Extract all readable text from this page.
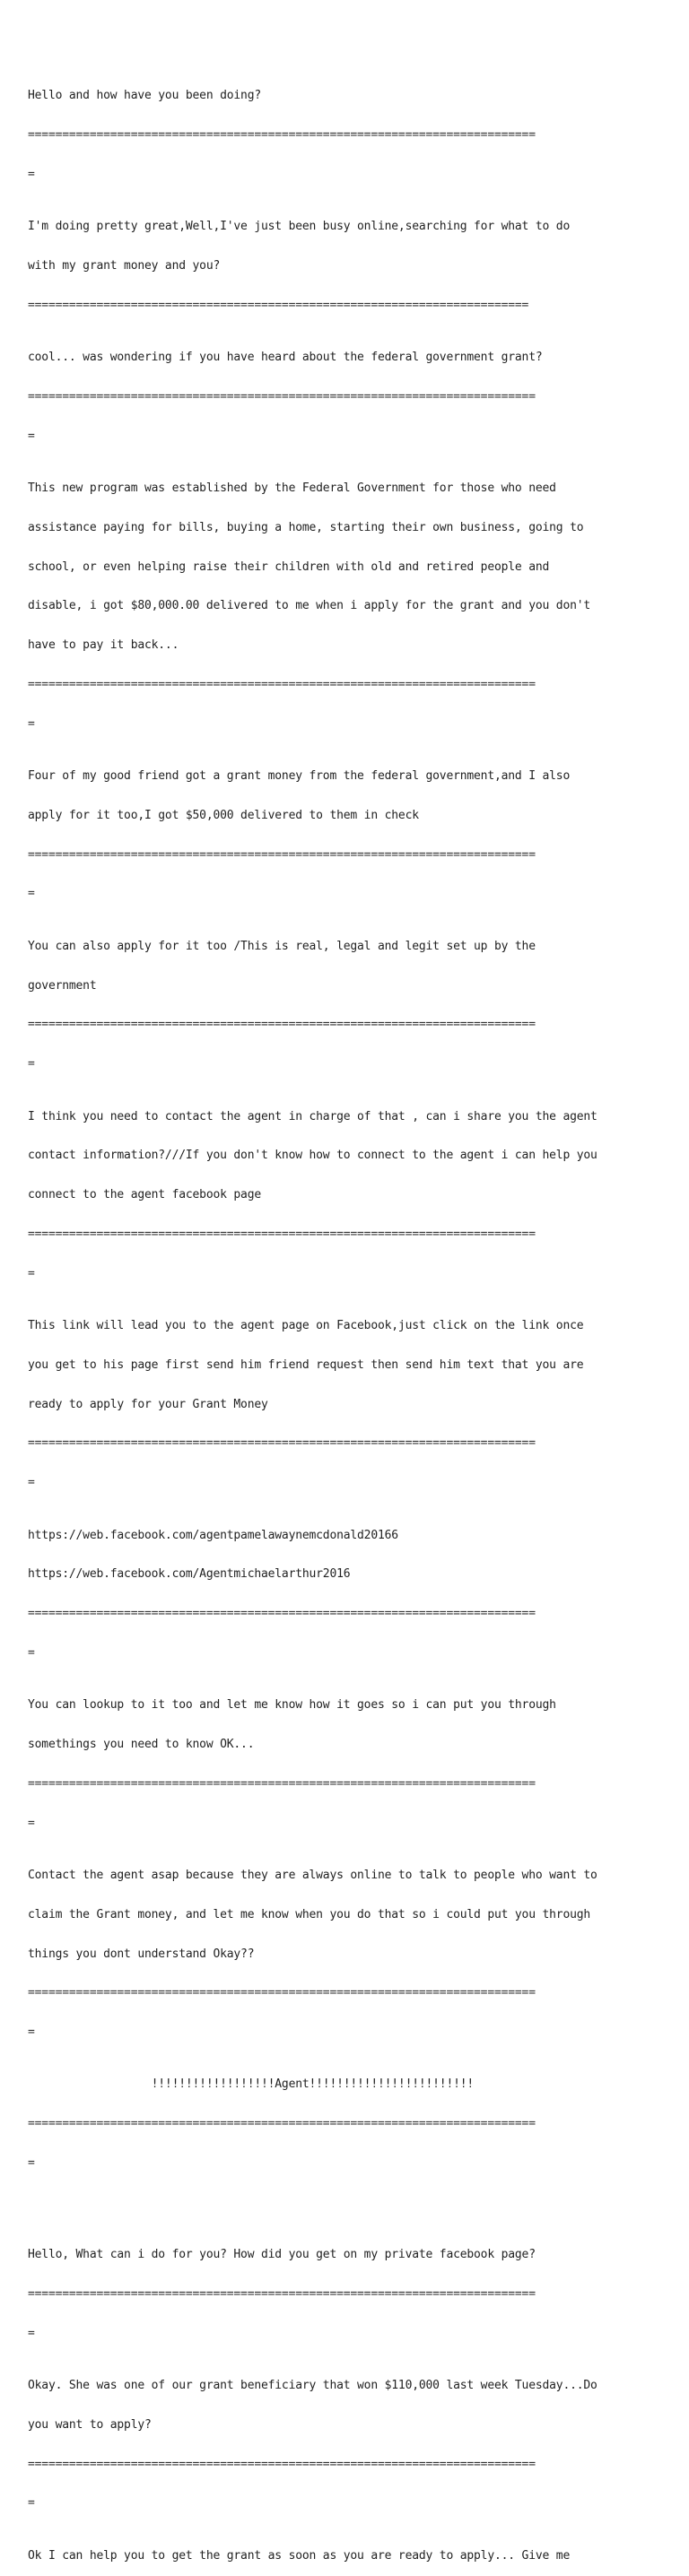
Hello and how have you been doing?

==========================================================================

=

I'm doing pretty great,Well,I've just been busy online,searching for what to do

with my grant money and you?

=========================================================================

cool... was wondering if you have heard about the federal government grant?

==========================================================================

=

This new program was established by the Federal Government for those who need

assistance paying for bills, buying a home, starting their own business, going to

school, or even helping raise their children with old and retired people and

disable, i got $80,000.00 delivered to me when i apply for the grant and you don't

have to pay it back...

==========================================================================

=

Four of my good friend got a grant money from the federal government,and I also

apply for it too,I got $50,000 delivered to them in check

==========================================================================

=

You can also apply for it too /This is real, legal and legit set up by the

government

==========================================================================

=

I think you need to contact the agent in charge of that , can i share you the agent

contact information?///If you don't know how to connect to the agent i can help you

connect to the agent facebook page

==========================================================================

=

This link will lead you to the agent page on Facebook,just click on the link once

you get to his page first send him friend request then send him text that you are

ready to apply for your Grant Money

==========================================================================

=

https://web.facebook.com/agentpamelawaynemcdonald20166

https://web.facebook.com/Agentmichaelarthur2016

==========================================================================

=

You can lookup to it too and let me know how it goes so i can put you through

somethings you need to know OK...

==========================================================================

=

Contact the agent asap because they are always online to talk to people who want to

claim the Grant money, and let me know when you do that so i could put you through

things you dont understand Okay??

==========================================================================

=

!!!!!!!!!!!!!!!!!!Agent!!!!!!!!!!!!!!!!!!!!!!!!

==========================================================================

=

Hello, What can i do for you? How did you get on my private facebook page?

==========================================================================

=

Okay. She was one of our grant beneficiary that won $110,000 last week Tuesday...Do

you want to apply?

==========================================================================

=

Ok I can help you to get the grant as soon as you are ready to apply... Give me
